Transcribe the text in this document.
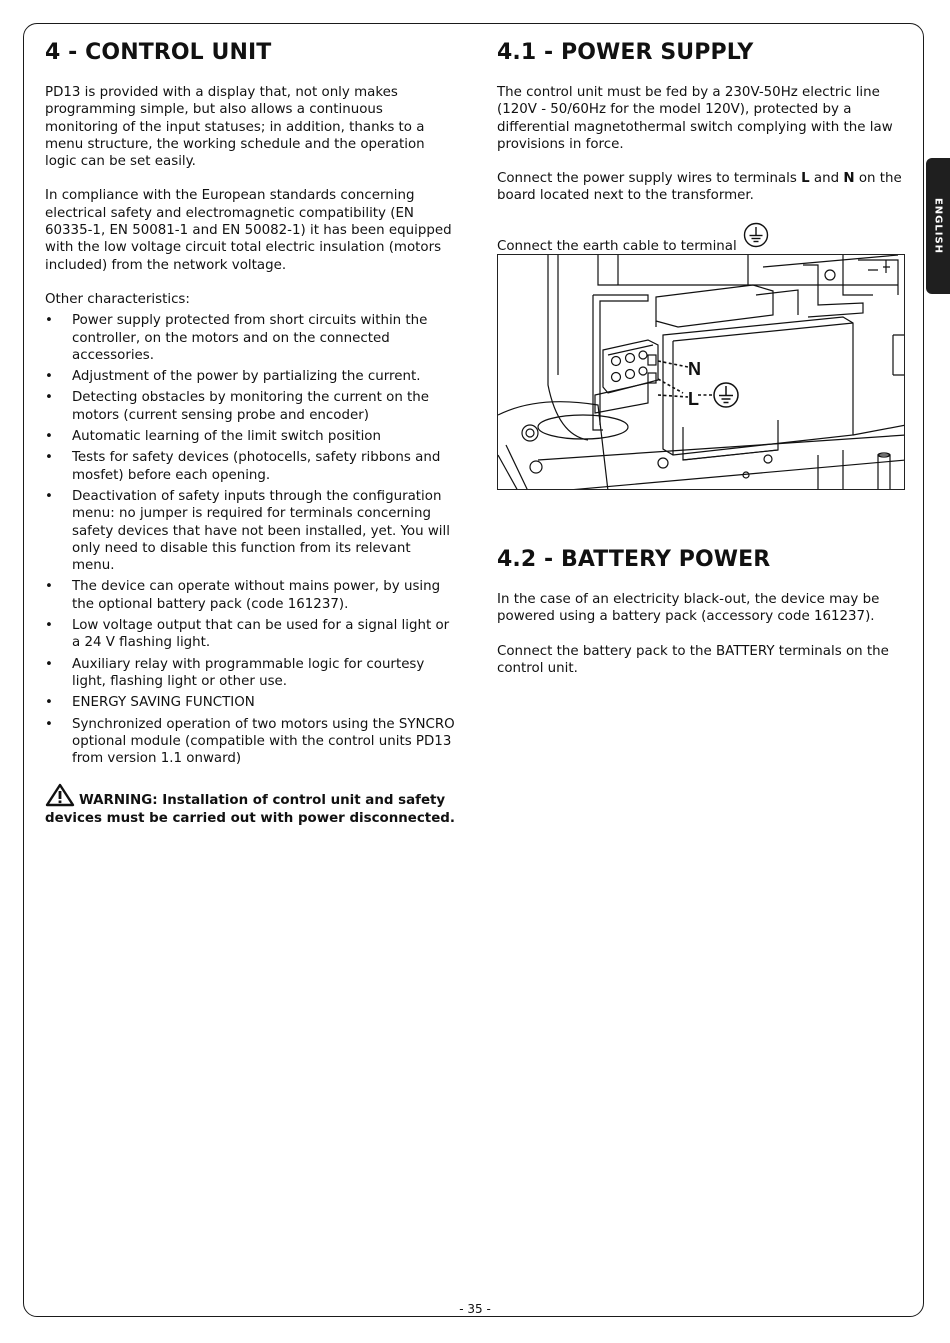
ENGLISH
4 - CONTROL UNIT

PD13 is provided with a display that, not only makes programming simple, but also allows a continuous monitoring of the input statuses; in addition, thanks to a menu structure, the working schedule and the operation logic can be set easily.

In compliance with the European standards concerning electrical safety and electromagnetic compatibility (EN 60335-1, EN 50081-1 and EN 50082-1) it has been equipped with the low voltage circuit total electric insulation (motors included) from the network voltage.

Other characteristics:

• Power supply protected from short circuits within the controller, on the motors and on the connected accessories.
• Adjustment of the power by partializing the current.
• Detecting obstacles by monitoring the current on the motors (current sensing probe and encoder)
• Automatic learning of the limit switch position
• Tests for safety devices (photocells, safety ribbons and mosfet) before each opening.
• Deactivation of safety inputs through the configuration menu: no jumper is required for terminals concerning safety devices that have not been installed, yet. You will only need to disable this function from its relevant menu.
• The device can operate without mains power, by using the optional battery pack (code 161237).
• Low voltage output that can be used for a signal light or a 24 V flashing light.
• Auxiliary relay with programmable logic for courtesy light, flashing light or other use.
• ENERGY SAVING FUNCTION
• Synchronized operation of two motors using the SYNCRO optional module (compatible with the control units PD13 from version 1.1 onward)
WARNING: Installation of control unit and safety devices must be carried out with power disconnected.
4.1 - POWER SUPPLY

The control unit must be fed by a 230V-50Hz electric line (120V - 50/60Hz for the model 120V), protected by a differential magnetothermal switch complying with the law provisions in force.

Connect the power supply wires to terminals L and N on the board located next to the transformer.

Connect the earth cable to terminal

N
L
4.2 - BATTERY POWER

In the case of an electricity black-out, the device may be powered using a battery pack (accessory code 161237).

Connect the battery pack to the BATTERY terminals on the control unit.

- 35 -
